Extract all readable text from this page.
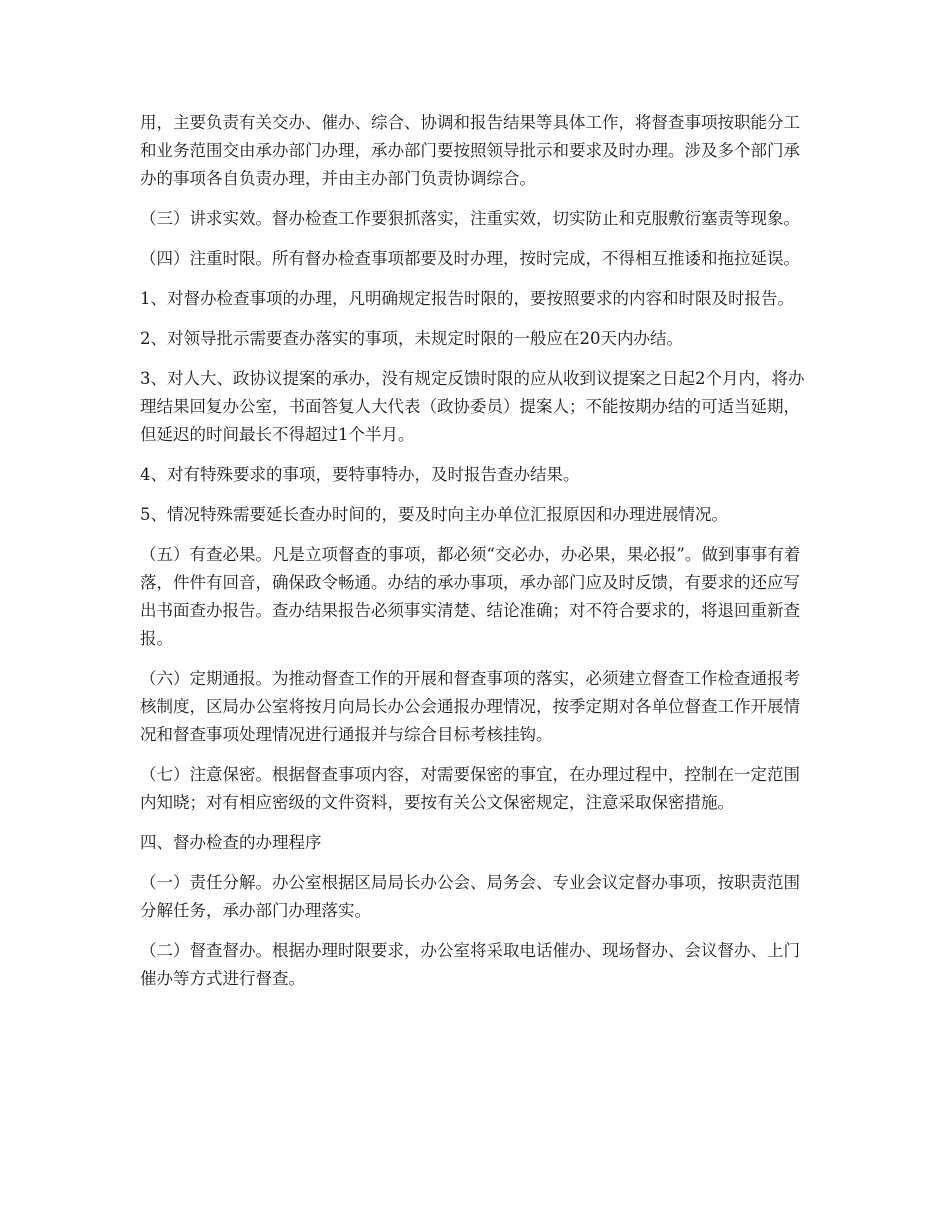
用，主要负责有关交办、催办、综合、协调和报告结果等具体工作，将督查事项按职能分工和业务范围交由承办部门办理，承办部门要按照领导批示和要求及时办理。涉及多个部门承办的事项各自负责办理，并由主办部门负责协调综合。

（三）讲求实效。督办检查工作要狠抓落实，注重实效，切实防止和克服敷衍塞责等现象。

（四）注重时限。所有督办检查事项都要及时办理，按时完成，不得相互推诿和拖拉延误。

1、对督办检查事项的办理，凡明确规定报告时限的，要按照要求的内容和时限及时报告。

2、对领导批示需要查办落实的事项，未规定时限的一般应在20天内办结。

3、对人大、政协议提案的承办，没有规定反馈时限的应从收到议提案之日起2个月内，将办理结果回复办公室，书面答复人大代表（政协委员）提案人；不能按期办结的可适当延期，但延迟的时间最长不得超过1个半月。

4、对有特殊要求的事项，要特事特办，及时报告查办结果。

5、情况特殊需要延长查办时间的，要及时向主办单位汇报原因和办理进展情况。

（五）有查必果。凡是立项督查的事项，都必须“交必办，办必果，果必报”。做到事事有着落，件件有回音，确保政令畅通。办结的承办事项，承办部门应及时反馈，有要求的还应写出书面查办报告。查办结果报告必须事实清楚、结论准确；对不符合要求的，将退回重新查报。

（六）定期通报。为推动督查工作的开展和督查事项的落实，必须建立督查工作检查通报考核制度，区局办公室将按月向局长办公会通报办理情况，按季定期对各单位督查工作开展情况和督查事项处理情况进行通报并与综合目标考核挂钩。

（七）注意保密。根据督查事项内容，对需要保密的事宜，在办理过程中，控制在一定范围内知晓；对有相应密级的文件资料，要按有关公文保密规定，注意采取保密措施。

四、督办检查的办理程序

（一）责任分解。办公室根据区局局长办公会、局务会、专业会议定督办事项，按职责范围分解任务，承办部门办理落实。

（二）督查督办。根据办理时限要求，办公室将采取电话催办、现场督办、会议督办、上门催办等方式进行督查。
